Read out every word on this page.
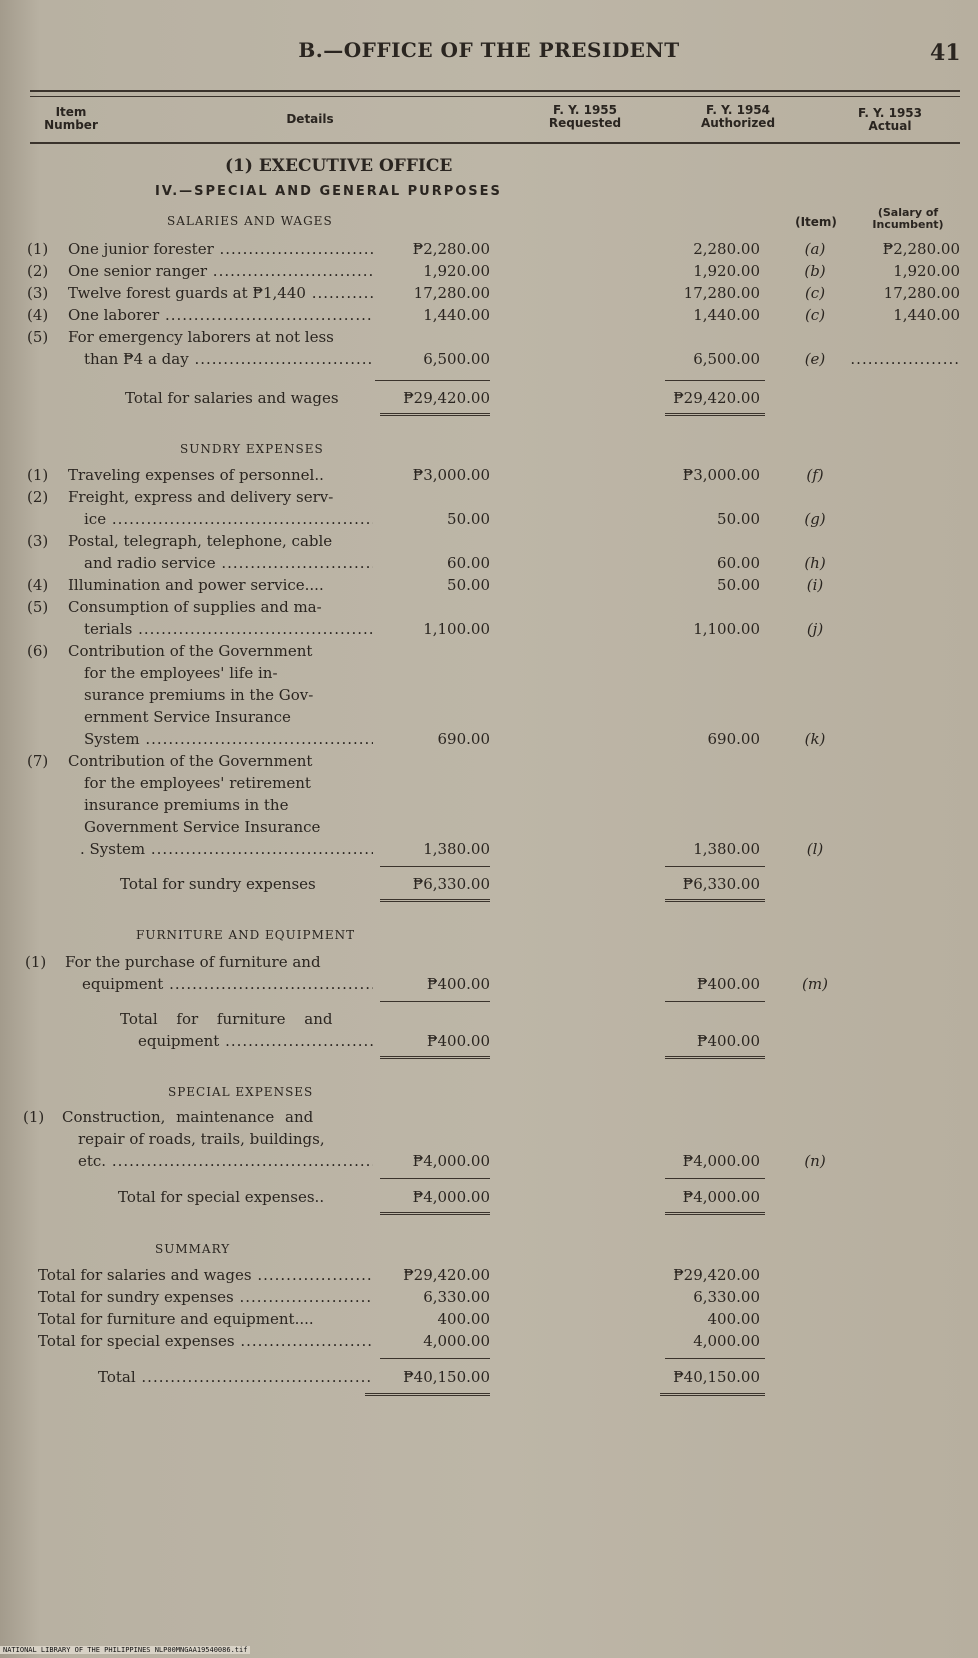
B.—OFFICE OF THE PRESIDENT	41
Item
Number	Details
F. Y. 1955
Requested
F. Y. 1954
Authorized
F. Y. 1953
Actual
(1) EXECUTIVE OFFICE
IV.—SPECIAL AND GENERAL PURPOSES
SALARIES AND WAGES	(Item)
(Salary of
Incumbent)
(1) One junior forester .....	₱2,280.00	2,280.00	(a)	₱2,280.00
(2) One senior ranger .....	1,920.00	1,920.00	(b)	1,920.00
(3) Twelve forest guards at ₱1,440 .....	17,280.00	17,280.00	(c)	17,280.00
(4) One laborer .....	1,440.00	1,440.00	(c)	1,440.00
(5) For emergency laborers at not less
than ₱4 a day .....	6,500.00	6,500.00	(e)	...................
Total for salaries and wages	₱29,420.00	₱29,420.00
SUNDRY EXPENSES
(1) Traveling expenses of personnel..	₱3,000.00	₱3,000.00	(f)
(2) Freight, express and delivery serv-
ice .....	50.00	50.00	(g)
(3) Postal, telegraph, telephone, cable
and radio service .....	60.00	60.00	(h)
(4) Illumination and power service....	50.00	50.00	(i)
(5) Consumption of supplies and ma-
terials .....	1,100.00	1,100.00	(j)
(6) Contribution of the Government
for the employees' life in-
surance premiums in the Gov-
ernment Service Insurance
System .....	690.00	690.00	(k)
(7) Contribution of the Government
for the employees' retirement
insurance premiums in the
Government Service Insurance
. System .....	1,380.00	1,380.00	(l)
Total for sundry expenses	₱6,330.00	₱6,330.00
FURNITURE AND EQUIPMENT
(1) For the purchase of furniture and
equipment .....	₱400.00	₱400.00	(m)
Total for furniture and
equipment .....	₱400.00	₱400.00
SPECIAL EXPENSES
(1) Construction, maintenance and
repair of roads, trails, buildings,
etc. .....	₱4,000.00	₱4,000.00	(n)
Total for special expenses..	₱4,000.00	₱4,000.00
SUMMARY
Total for salaries and wages .....	₱29,420.00	₱29,420.00
Total for sundry expenses .....	6,330.00	6,330.00
Total for furniture and equipment....	400.00	400.00
Total for special expenses .....	4,000.00	4,000.00
Total .....	₱40,150.00	₱40,150.00
NATIONAL LIBRARY OF THE PHILIPPINES NLP00MNGAA19540086.tif
